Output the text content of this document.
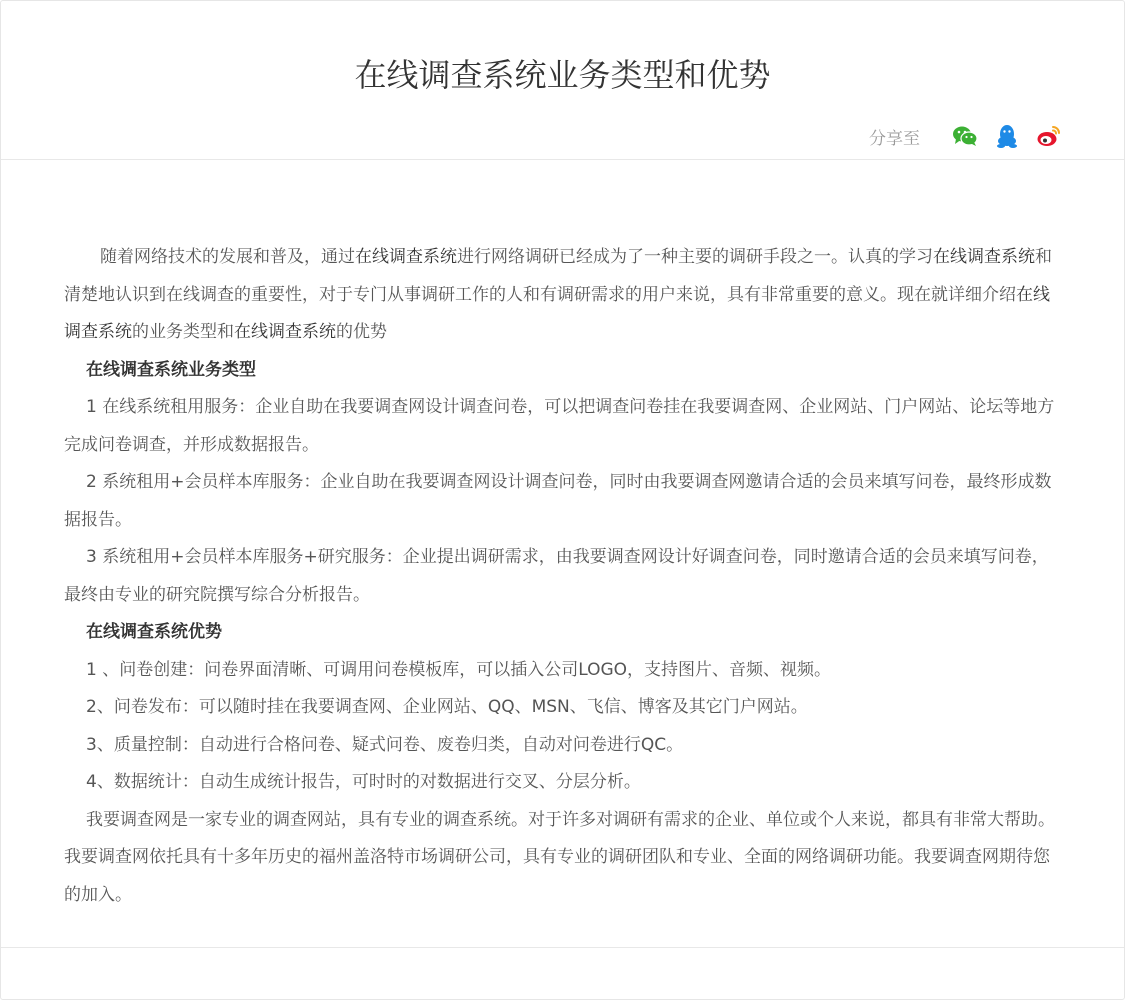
在线调查系统业务类型和优势
分享至

随着网络技术的发展和普及，通过在线调查系统进行网络调研已经成为了一种主要的调研手段之一。认真的学习在线调查系统和清楚地认识到在线调查的重要性，对于专门从事调研工作的人和有调研需求的用户来说，具有非常重要的意义。现在就详细介绍在线调查系统的业务类型和在线调查系统的优势

在线调查系统业务类型

1 在线系统租用服务：企业自助在我要调查网设计调查问卷，可以把调查问卷挂在我要调查网、企业网站、门户网站、论坛等地方完成问卷调查，并形成数据报告。

2 系统租用+会员样本库服务：企业自助在我要调查网设计调查问卷，同时由我要调查网邀请合适的会员来填写问卷，最终形成数据报告。

3 系统租用+会员样本库服务+研究服务：企业提出调研需求，由我要调查网设计好调查问卷，同时邀请合适的会员来填写问卷，最终由专业的研究院撰写综合分析报告。

在线调查系统优势

1 、问卷创建：问卷界面清晰、可调用问卷模板库，可以插入公司LOGO，支持图片、音频、视频。

2、问卷发布：可以随时挂在我要调查网、企业网站、QQ、MSN、飞信、博客及其它门户网站。

3、质量控制：自动进行合格问卷、疑式问卷、废卷归类，自动对问卷进行QC。

4、数据统计：自动生成统计报告，可时时的对数据进行交叉、分层分析。

我要调查网是一家专业的调查网站，具有专业的调查系统。对于许多对调研有需求的企业、单位或个人来说，都具有非常大帮助。我要调查网依托具有十多年历史的福州盖洛特市场调研公司，具有专业的调研团队和专业、全面的网络调研功能。我要调查网期待您的加入。
